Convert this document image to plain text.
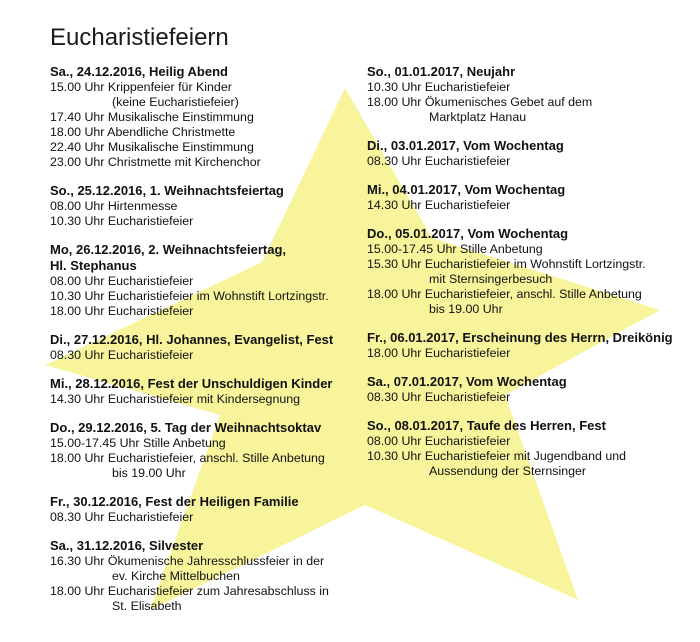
Eucharistiefeiern
Sa., 24.12.2016, Heilig Abend
15.00 Uhr Krippenfeier für Kinder
(keine Eucharistiefeier)
17.40 Uhr Musikalische Einstimmung
18.00 Uhr Abendliche Christmette
22.40 Uhr Musikalische Einstimmung
23.00 Uhr Christmette mit Kirchenchor
So., 25.12.2016, 1. Weihnachtsfeiertag
08.00 Uhr Hirtenmesse
10.30 Uhr Eucharistiefeier
Mo, 26.12.2016, 2. Weihnachtsfeiertag,
Hl. Stephanus
08.00 Uhr Eucharistiefeier
10.30 Uhr Eucharistiefeier im Wohnstift Lortzingstr.
18.00 Uhr Eucharistiefeier
Di., 27.12.2016, Hl. Johannes, Evangelist, Fest
08.30 Uhr Eucharistiefeier
Mi., 28.12.2016, Fest der Unschuldigen Kinder
14.30 Uhr Eucharistiefeier mit Kindersegnung
Do., 29.12.2016, 5. Tag der Weihnachtsoktav
15.00-17.45 Uhr Stille Anbetung
18.00 Uhr Eucharistiefeier, anschl. Stille Anbetung
bis 19.00 Uhr
Fr., 30.12.2016, Fest der Heiligen Familie
08.30 Uhr Eucharistiefeier
Sa., 31.12.2016, Silvester
16.30 Uhr Ökumenische Jahresschlussfeier in der
ev. Kirche Mittelbuchen
18.00 Uhr Eucharistiefeier zum Jahresabschluss in
St. Elisabeth
So., 01.01.2017, Neujahr
10.30 Uhr Eucharistiefeier
18.00 Uhr Ökumenisches Gebet auf dem
Marktplatz Hanau
Di., 03.01.2017, Vom Wochentag
08.30 Uhr Eucharistiefeier
Mi., 04.01.2017, Vom Wochentag
14.30 Uhr Eucharistiefeier
Do., 05.01.2017, Vom Wochentag
15.00-17.45 Uhr Stille Anbetung
15.30 Uhr Eucharistiefeier im Wohnstift Lortzingstr.
mit Sternsingerbesuch
18.00 Uhr Eucharistiefeier, anschl. Stille Anbetung
bis 19.00 Uhr
Fr., 06.01.2017, Erscheinung des Herrn, Dreikönig
18.00 Uhr Eucharistiefeier
Sa., 07.01.2017, Vom Wochentag
08.30 Uhr Eucharistiefeier
So., 08.01.2017, Taufe des Herren, Fest
08.00 Uhr Eucharistiefeier
10.30 Uhr Eucharistiefeier mit Jugendband und
Aussendung der Sternsinger
